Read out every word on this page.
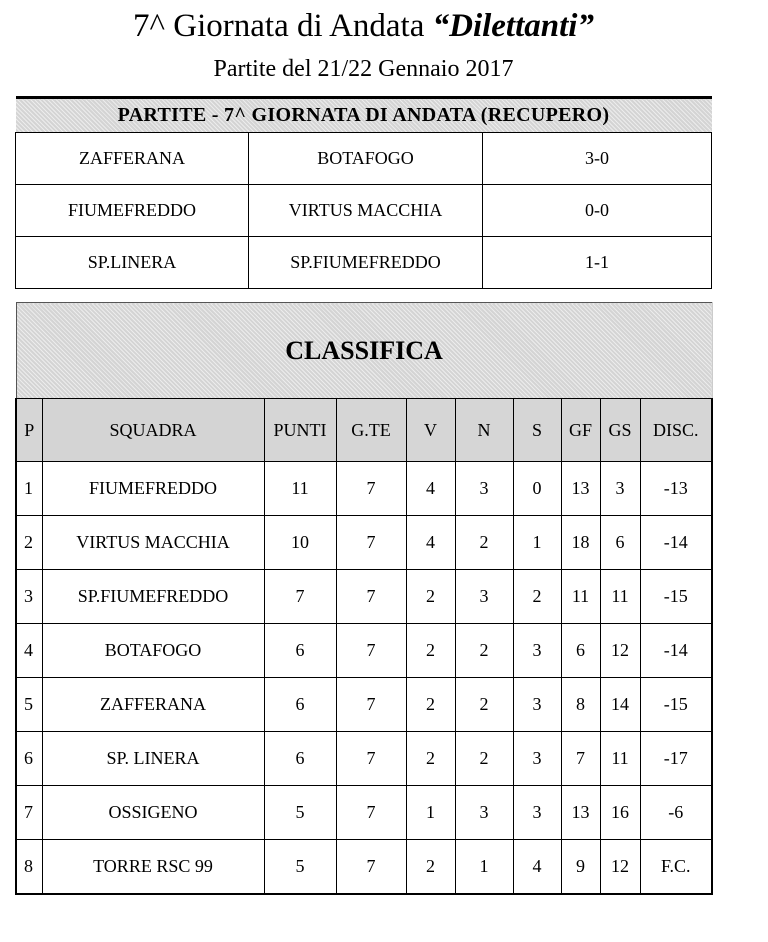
7^ Giornata di Andata “Dilettanti”
Partite del 21/22 Gennaio 2017
PARTITE - 7^ GIORNATA DI ANDATA (RECUPERO)		
ZAFFERANA	BOTAFOGO	3-0
FIUMEFREDDO	VIRTUS MACCHIA	0-0
SP.LINERA	SP.FIUMEFREDDO	1-1
CLASSIFICA									
P	SQUADRA	PUNTI	G.TE	V	N	S	GF	GS	DISC.
1	FIUMEFREDDO	11	7	4	3	0	13	3	-13
2	VIRTUS MACCHIA	10	7	4	2	1	18	6	-14
3	SP.FIUMEFREDDO	7	7	2	3	2	11	11	-15
4	BOTAFOGO	6	7	2	2	3	6	12	-14
5	ZAFFERANA	6	7	2	2	3	8	14	-15
6	SP. LINERA	6	7	2	2	3	7	11	-17
7	OSSIGENO	5	7	1	3	3	13	16	-6
8	TORRE RSC 99	5	7	2	1	4	9	12	F.C.
